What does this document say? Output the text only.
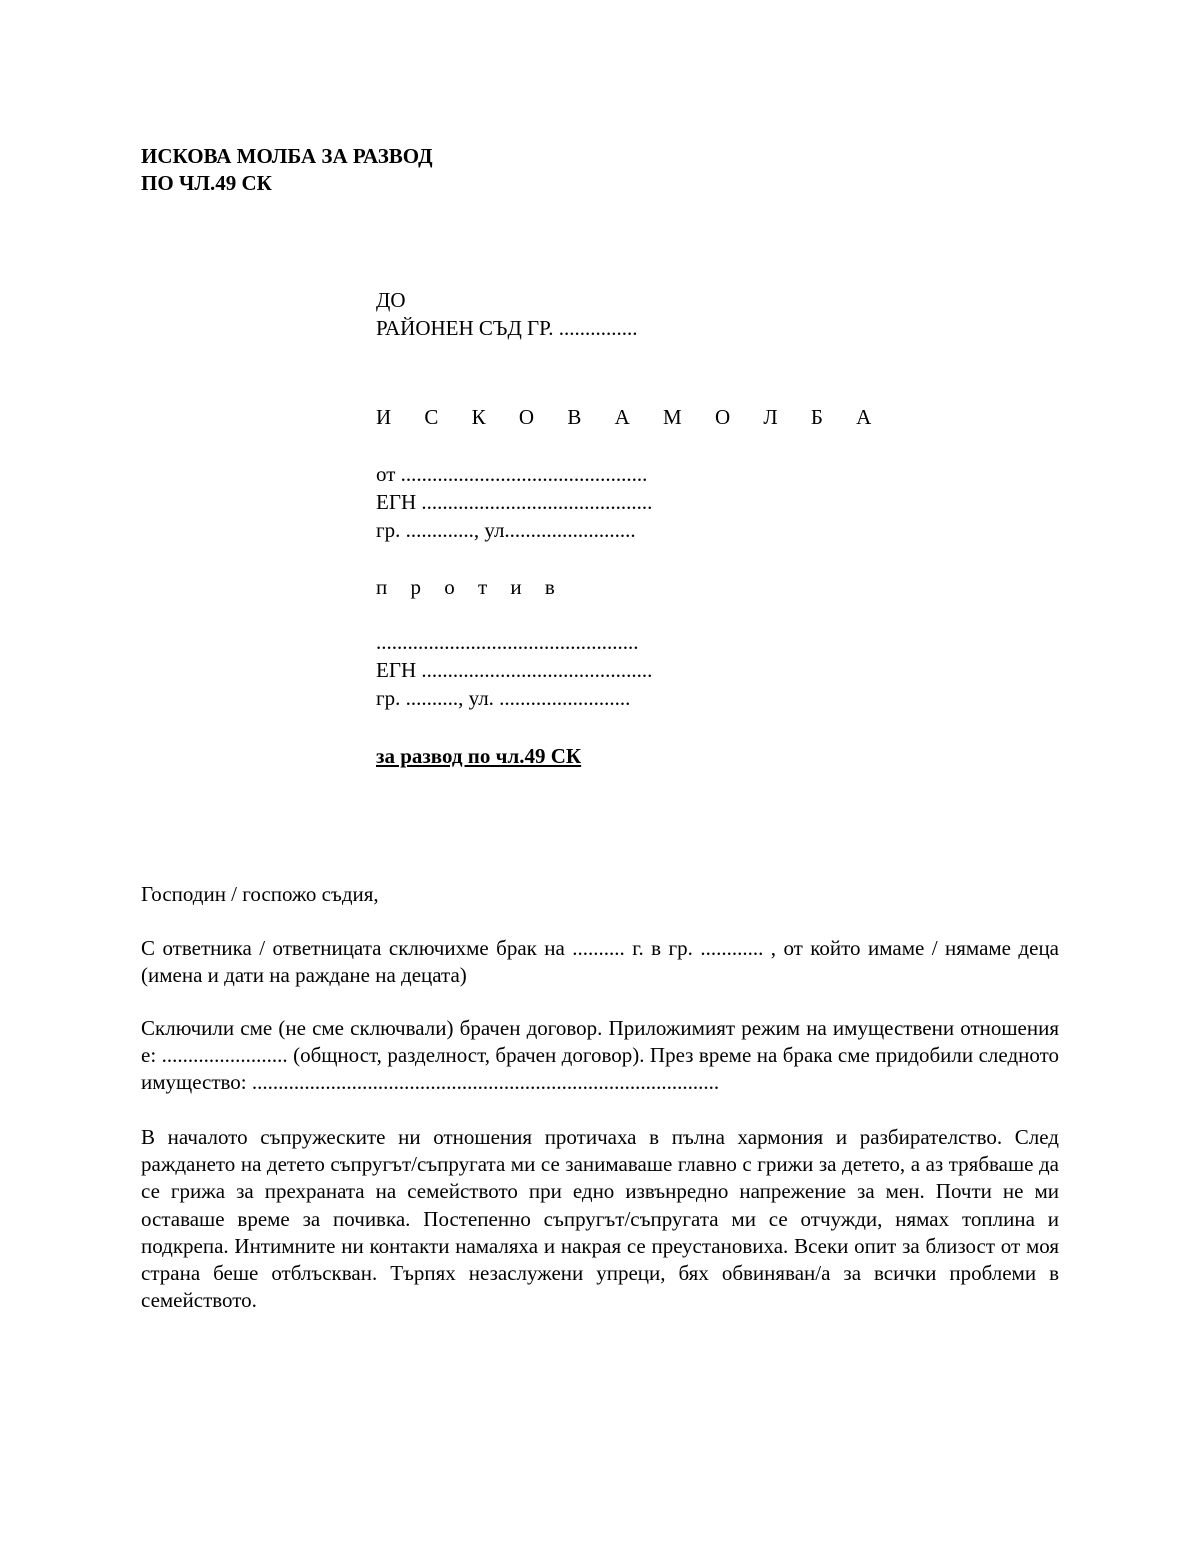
ИСКОВА МОЛБА ЗА РАЗВОД
ПО ЧЛ.49 СК
ДО
РАЙОНЕН СЪД ГР. ...............
И С К О В А М О Л Б А
от ...............................................
ЕГН ............................................
гр. ............., ул.........................
п р о т и в
..................................................
ЕГН ............................................
гр. .........., ул. .........................
за развод по чл.49 СК
Господин / госпожо съдия,
С ответника / ответницата сключихме брак на .......... г. в гр. ............ , от който имаме / нямаме деца (имена и дати на раждане на децата)
Сключили сме (не сме сключвали) брачен договор. Приложимият режим на имуществени отношения е: ........................ (общност, разделност, брачен договор). През време на брака сме придобили следното имущество: .........................................................................................
В началото съпружеските ни отношения протичаха в пълна хармония и разбирателство. След раждането на детето съпругът/съпругата ми се занимаваше главно с грижи за детето, а аз трябваше да се грижа за прехраната на семейството при едно извънредно напрежение за мен. Почти не ми оставаше време за почивка. Постепенно съпругът/съпругата ми се отчужди, нямах топлина и подкрепа. Интимните ни контакти намаляха и накрая се преустановиха. Всеки опит за близост от моя страна беше отблъскван. Търпях незаслужени упреци, бях обвиняван/а за всички проблеми в семейството.
